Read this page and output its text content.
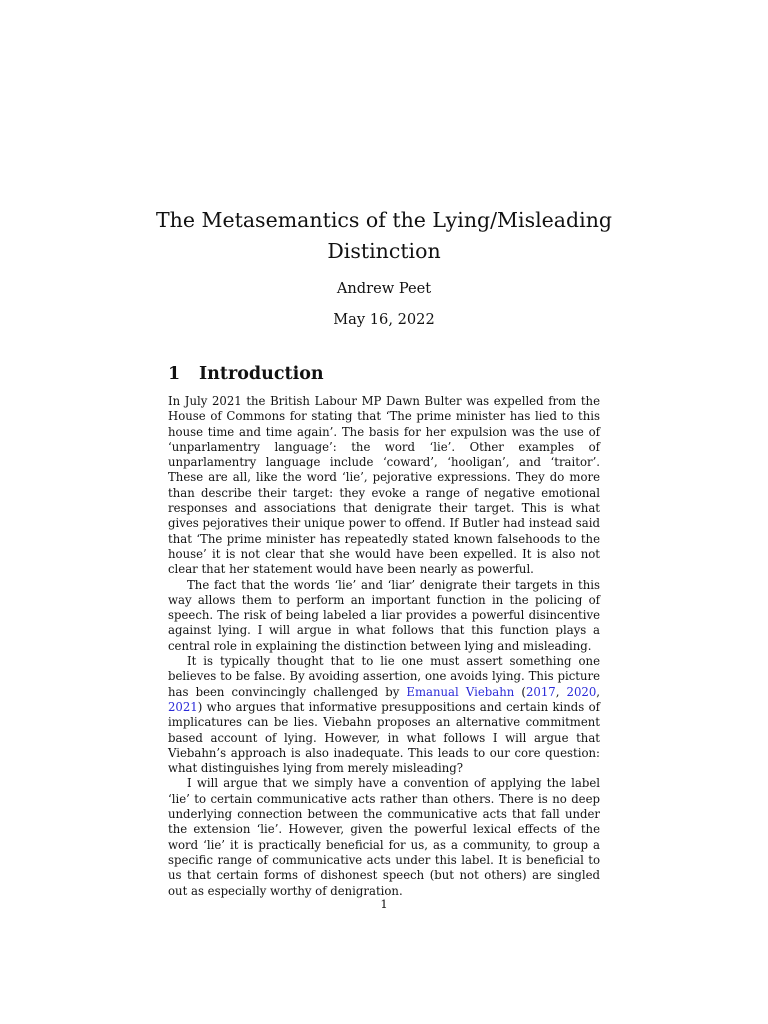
The Metasemantics of the Lying/Misleading Distinction
Andrew Peet
May 16, 2022
1 Introduction

In July 2021 the British Labour MP Dawn Bulter was expelled from the House of Commons for stating that ‘The prime minister has lied to this house time and time again’. The basis for her expulsion was the use of ‘unparlamentry language’: the word ‘lie’. Other examples of unparlamentry language include ‘coward’, ‘hooligan’, and ‘traitor’. These are all, like the word ‘lie’, pejorative expressions. They do more than describe their target: they evoke a range of negative emotional responses and associations that denigrate their target. This is what gives pejoratives their unique power to offend. If Butler had instead said that ‘The prime minister has repeatedly stated known falsehoods to the house’ it is not clear that she would have been expelled. It is also not clear that her statement would have been nearly as powerful.

The fact that the words ‘lie’ and ‘liar’ denigrate their targets in this way allows them to perform an important function in the policing of speech. The risk of being labeled a liar provides a powerful disincentive against lying. I will argue in what follows that this function plays a central role in explaining the distinction between lying and misleading.

It is typically thought that to lie one must assert something one believes to be false. By avoiding assertion, one avoids lying. This picture has been convincingly challenged by Emanual Viebahn (2017, 2020, 2021) who argues that informative presuppositions and certain kinds of implicatures can be lies. Viebahn proposes an alternative commitment based account of lying. However, in what follows I will argue that Viebahn’s approach is also inadequate. This leads to our core question: what distinguishes lying from merely misleading?

I will argue that we simply have a convention of applying the label ‘lie’ to certain communicative acts rather than others. There is no deep underlying connection between the communicative acts that fall under the extension ‘lie’. However, given the powerful lexical effects of the word ‘lie’ it is practically beneficial for us, as a community, to group a specific range of communicative acts under this label. It is beneficial to us that certain forms of dishonest speech (but not others) are singled out as especially worthy of denigration.

1
